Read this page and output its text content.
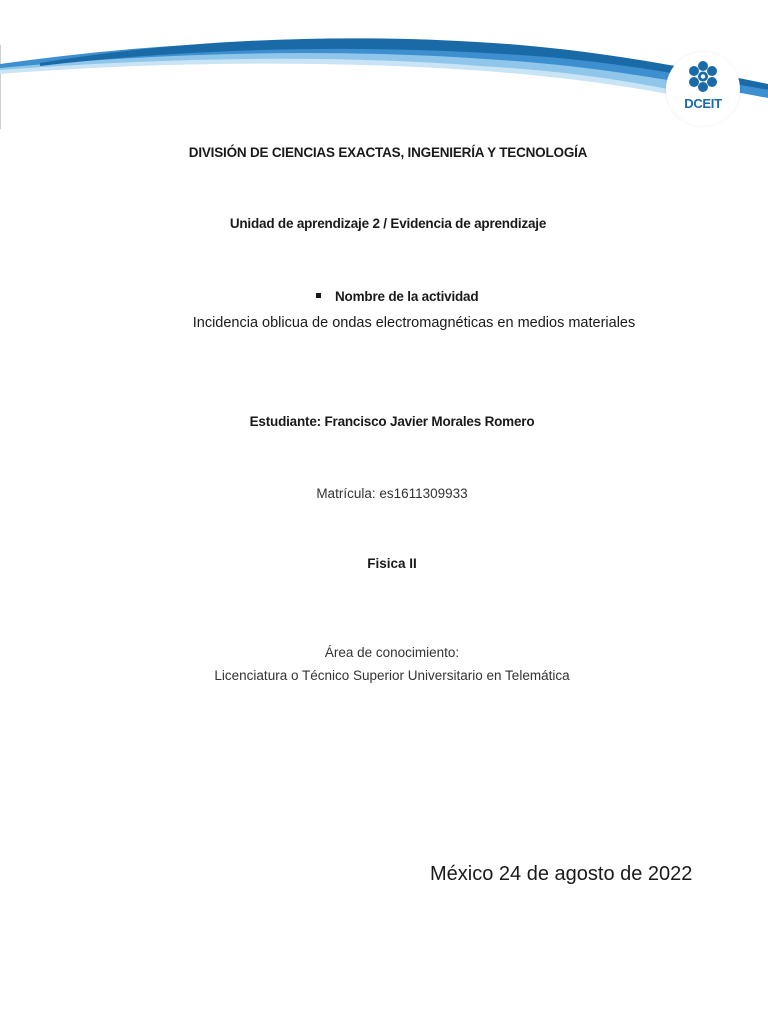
DCEIT
DIVISIÓN DE CIENCIAS EXACTAS, INGENIERÍA Y TECNOLOGÍA
Unidad de aprendizaje 2 / Evidencia de aprendizaje
Nombre de la actividad
Incidencia oblicua de ondas electromagnéticas en medios materiales
Estudiante: Francisco Javier Morales Romero
Matrícula: es1611309933
Fisica II
Área de conocimiento:
Licenciatura o Técnico Superior Universitario en Telemática
México 24 de agosto de 2022
